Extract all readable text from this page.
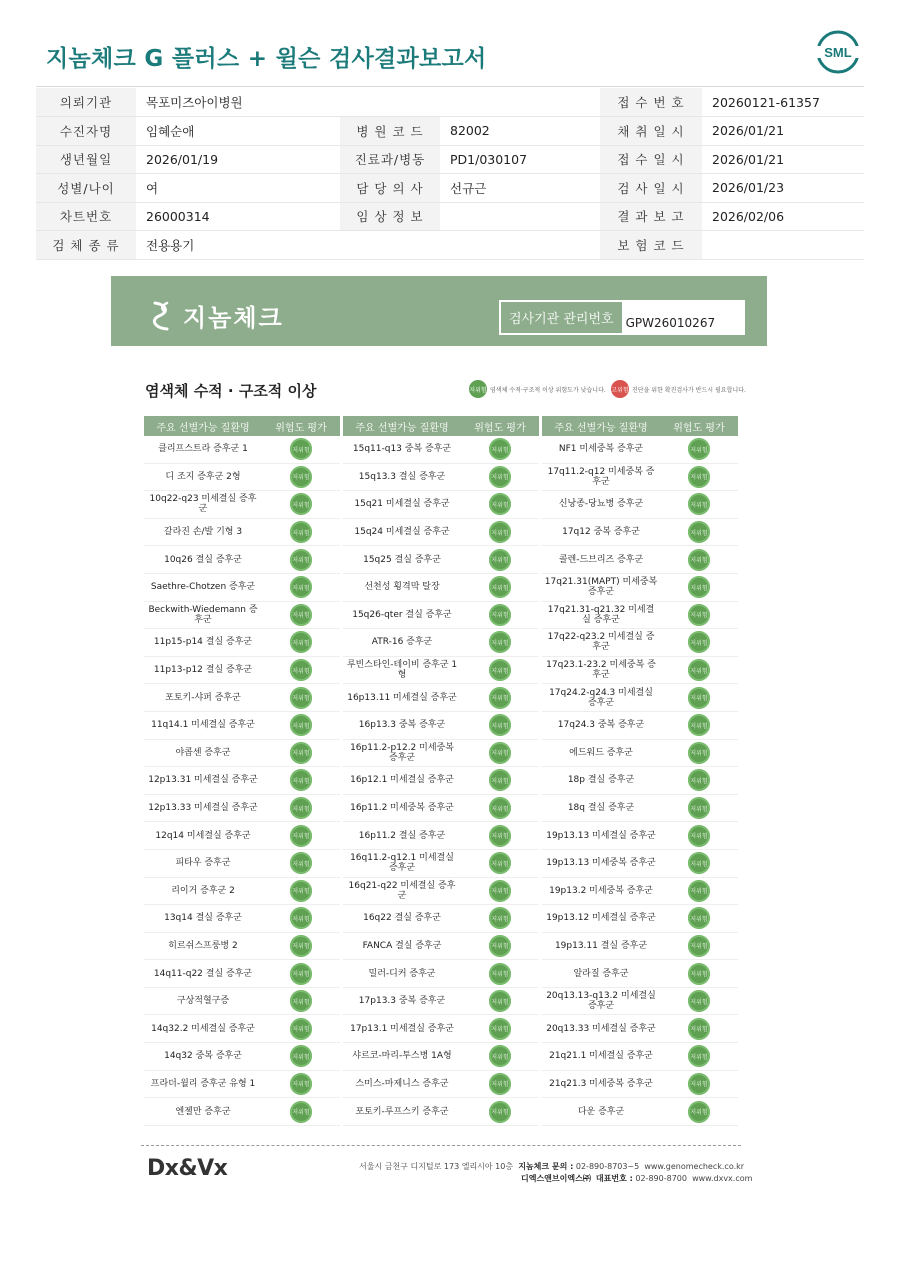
지놈체크 G 플러스 + 윌슨 검사결과보고서	SML
의뢰기관	목포미즈아이병원			접 수 번 호	20260121-61357
수진자명	임혜순애	병 원 코 드	82002	채 취 일 시	2026/01/21
생년월일	2026/01/19	진료과/병동	PD1/030107	접 수 일 시	2026/01/21
성별/나이	여	담 당 의 사	선규근	검 사 일 시	2026/01/23
차트번호	26000314	임 상 정 보		결 과 보 고	2026/02/06
검 체 종 류	전용용기			보 험 코 드	
지놈체크	검사기관 관리번호	GPW26010267
염색체 수적 · 구조적 이상	저위험 염색체 수적·구조적 이상 위험도가 낮습니다. 고위험 진단을 위한 확진검사가 반드시 필요합니다.
주요 선별가능 질환명	위험도 평가
클리프스트라 증후군 1	저위험
디 조지 증후군 2형	저위험
10q22-q23 미세결실 증후군	저위험
갈라진 손/발 기형 3	저위험
10q26 결실 증후군	저위험
Saethre-Chotzen 증후군	저위험
Beckwith-Wiedemann 증후군	저위험
11p15-p14 결실 증후군	저위험
11p13-p12 결실 증후군	저위험
포토키-샤퍼 증후군	저위험
11q14.1 미세결실 증후군	저위험
야콥센 증후군	저위험
12p13.31 미세결실 증후군	저위험
12p13.33 미세결실 증후군	저위험
12q14 미세결실 증후군	저위험
피타우 증후군	저위험
리이거 증후군 2	저위험
13q14 결실 증후군	저위험
히르쉬스프룽병 2	저위험
14q11-q22 결실 증후군	저위험
구상적혈구증	저위험
14q32.2 미세결실 증후군	저위험
14q32 중복 증후군	저위험
프라더-윌리 증후군 유형 1	저위험
엔젤만 증후군	저위험
주요 선별가능 질환명	위험도 평가
15q11-q13 중복 증후군	저위험
15q13.3 결실 증후군	저위험
15q21 미세결실 증후군	저위험
15q24 미세결실 증후군	저위험
15q25 결실 증후군	저위험
선천성 횡격막 탈장	저위험
15q26-qter 결실 증후군	저위험
ATR-16 증후군	저위험
루빈스타인-테이비 증후군 1형	저위험
16p13.11 미세결실 증후군	저위험
16p13.3 중복 증후군	저위험
16p11.2-p12.2 미세중복 증후군	저위험
16p12.1 미세결실 증후군	저위험
16p11.2 미세중복 증후군	저위험
16p11.2 결실 증후군	저위험
16q11.2-q12.1 미세결실 증후군	저위험
16q21-q22 미세결실 증후군	저위험
16q22 결실 증후군	저위험
FANCA 결실 증후군	저위험
밀러-디커 증후군	저위험
17p13.3 중복 증후군	저위험
17p13.1 미세결실 증후군	저위험
샤르코-마리-투스병 1A형	저위험
스미스-마제니스 증후군	저위험
포토키-루프스키 증후군	저위험
주요 선별가능 질환명	위험도 평가
NF1 미세중복 증후군	저위험
17q11.2-q12 미세중복 증후군	저위험
신낭종-당뇨병 증후군	저위험
17q12 중복 증후군	저위험
콜렌-드브리즈 증후군	저위험
17q21.31(MAPT) 미세중복 증후군	저위험
17q21.31-q21.32 미세결실 증후군	저위험
17q22-q23.2 미세결실 증후군	저위험
17q23.1-23.2 미세중복 증후군	저위험
17q24.2-q24.3 미세결실 증후군	저위험
17q24.3 중복 증후군	저위험
에드워드 증후군	저위험
18p 결실 증후군	저위험
18q 결실 증후군	저위험
19p13.13 미세결실 증후군	저위험
19p13.13 미세중복 증후군	저위험
19p13.2 미세중복 증후군	저위험
19p13.12 미세결실 증후군	저위험
19p13.11 결실 증후군	저위험
알라질 증후군	저위험
20q13.13-q13.2 미세결실 증후군	저위험
20q13.33 미세결실 증후군	저위험
21q21.1 미세결실 증후군	저위험
21q21.3 미세중복 증후군	저위험
다운 증후군	저위험
Dx&Vx	서울시 금천구 디지털로 173 엘리시아 10층 지놈체크 문의 : 02-890-8703~5 www.genomecheck.co.kr
디엑스앤브이엑스㈜ 대표번호 : 02-890-8700 www.dxvx.com
